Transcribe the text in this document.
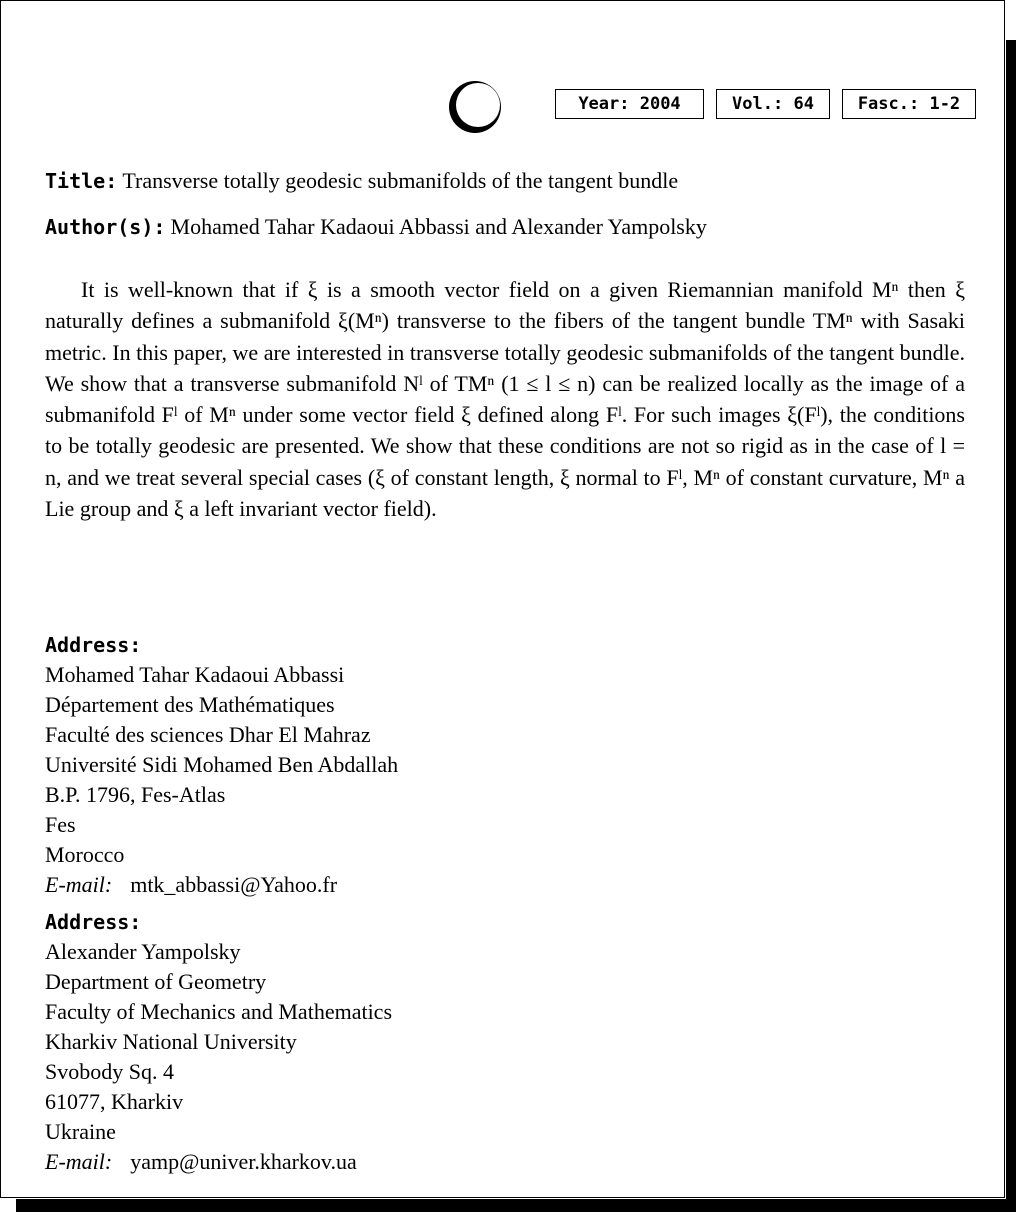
Year: 2004	Vol.: 64	Fasc.: 1-2
Title: Transverse totally geodesic submanifolds of the tangent bundle
Author(s): Mohamed Tahar Kadaoui Abbassi and Alexander Yampolsky
It is well-known that if ξ is a smooth vector field on a given Riemannian manifold Mⁿ then ξ naturally defines a submanifold ξ(Mⁿ) transverse to the fibers of the tangent bundle TMⁿ with Sasaki metric. In this paper, we are interested in transverse totally geodesic submanifolds of the tangent bundle. We show that a transverse submanifold Nˡ of TMⁿ (1 ≤ l ≤ n) can be realized locally as the image of a submanifold Fˡ of Mⁿ under some vector field ξ defined along Fˡ. For such images ξ(Fˡ), the conditions to be totally geodesic are presented. We show that these conditions are not so rigid as in the case of l = n, and we treat several special cases (ξ of constant length, ξ normal to Fˡ, Mⁿ of constant curvature, Mⁿ a Lie group and ξ a left invariant vector field).
Address:
Mohamed Tahar Kadaoui Abbassi
Département des Mathématiques
Faculté des sciences Dhar El Mahraz
Université Sidi Mohamed Ben Abdallah
B.P. 1796, Fes-Atlas
Fes
Morocco
E-mail: mtk_abbassi@Yahoo.fr
Address:
Alexander Yampolsky
Department of Geometry
Faculty of Mechanics and Mathematics
Kharkiv National University
Svobody Sq. 4
61077, Kharkiv
Ukraine
E-mail: yamp@univer.kharkov.ua
